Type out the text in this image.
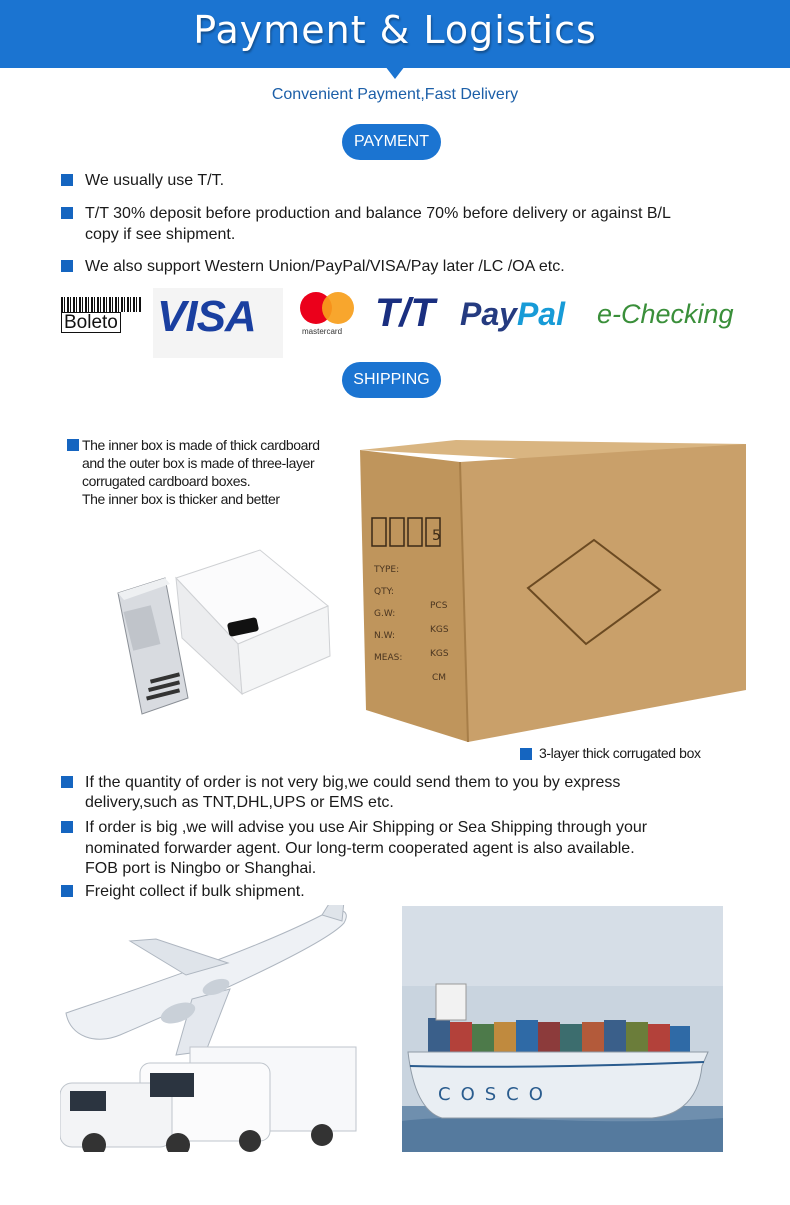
Payment & Logistics
Convenient Payment,Fast Delivery
PAYMENT
We usually use T/T.
T/T 30% deposit before production and balance 70% before delivery or against B/L
copy if see shipment.
We also support Western Union/PayPal/VISA/Pay later /LC /OA etc.
Boleto VISA	mastercard T/T PayPal e-Checking
SHIPPING
The inner box is made of thick cardboard
and the outer box is made of three-layer
corrugated cardboard boxes.
The inner box is thicker and better
5
TYPE:
QTY:
G.W:
N.W:
MEAS:
PCS
KGS
KGS
CM
3-layer thick corrugated box
If the quantity of order is not very big,we could send them to you by express
delivery,such as TNT,DHL,UPS or EMS etc.
If order is big ,we will advise you use Air Shipping or Sea Shipping through your
nominated forwarder agent. Our long-term cooperated agent is also available.
FOB port is Ningbo or Shanghai.
Freight collect if bulk shipment.
COSCO
